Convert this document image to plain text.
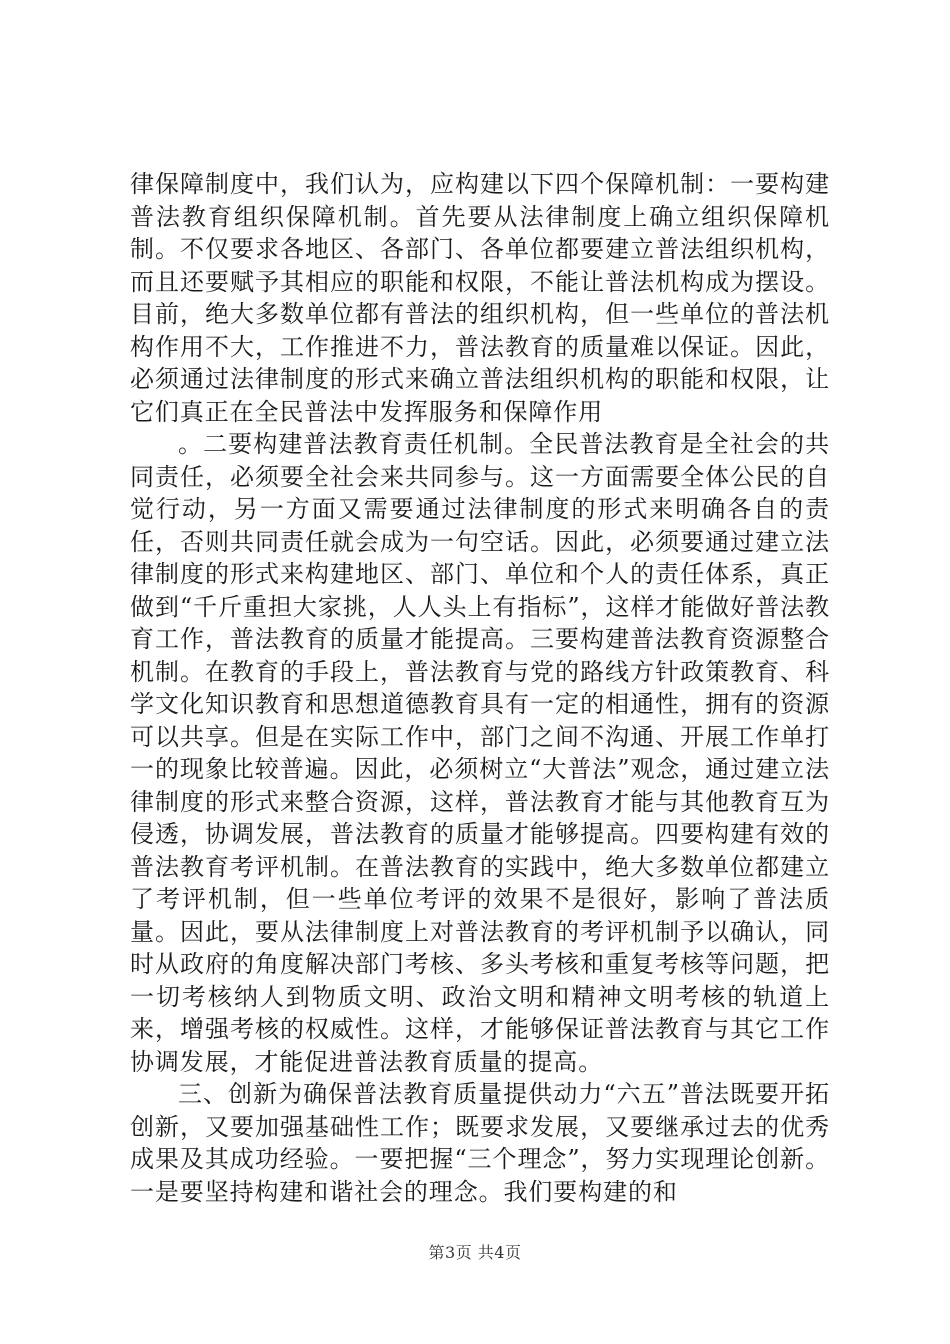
律保障制度中，我们认为，应构建以下四个保障机制：一要构建普法教育组织保障机制。首先要从法律制度上确立组织保障机制。不仅要求各地区、各部门、各单位都要建立普法组织机构，而且还要赋予其相应的职能和权限，不能让普法机构成为摆设。目前，绝大多数单位都有普法的组织机构，但一些单位的普法机构作用不大，工作推进不力，普法教育的质量难以保证。因此，必须通过法律制度的形式来确立普法组织机构的职能和权限，让它们真正在全民普法中发挥服务和保障作用

。二要构建普法教育责任机制。全民普法教育是全社会的共同责任，必须要全社会来共同参与。这一方面需要全体公民的自觉行动，另一方面又需要通过法律制度的形式来明确各自的责任，否则共同责任就会成为一句空话。因此，必须要通过建立法律制度的形式来构建地区、部门、单位和个人的责任体系，真正做到“千斤重担大家挑，人人头上有指标”，这样才能做好普法教育工作，普法教育的质量才能提高。三要构建普法教育资源整合机制。在教育的手段上，普法教育与党的路线方针政策教育、科学文化知识教育和思想道德教育具有一定的相通性，拥有的资源可以共享。但是在实际工作中，部门之间不沟通、开展工作单打一的现象比较普遍。因此，必须树立“大普法”观念，通过建立法律制度的形式来整合资源，这样，普法教育才能与其他教育互为侵透，协调发展，普法教育的质量才能够提高。四要构建有效的普法教育考评机制。在普法教育的实践中，绝大多数单位都建立了考评机制，但一些单位考评的效果不是很好，影响了普法质量。因此，要从法律制度上对普法教育的考评机制予以确认，同时从政府的角度解决部门考核、多头考核和重复考核等问题，把一切考核纳人到物质文明、政治文明和精神文明考核的轨道上来，增强考核的权威性。这样，才能够保证普法教育与其它工作协调发展，才能促进普法教育质量的提高。

三、创新为确保普法教育质量提供动力“六五”普法既要开拓创新，又要加强基础性工作；既要求发展，又要继承过去的优秀成果及其成功经验。一要把握“三个理念”，努力实现理论创新。一是要坚持构建和谐社会的理念。我们要构建的和

第3页 共4页
